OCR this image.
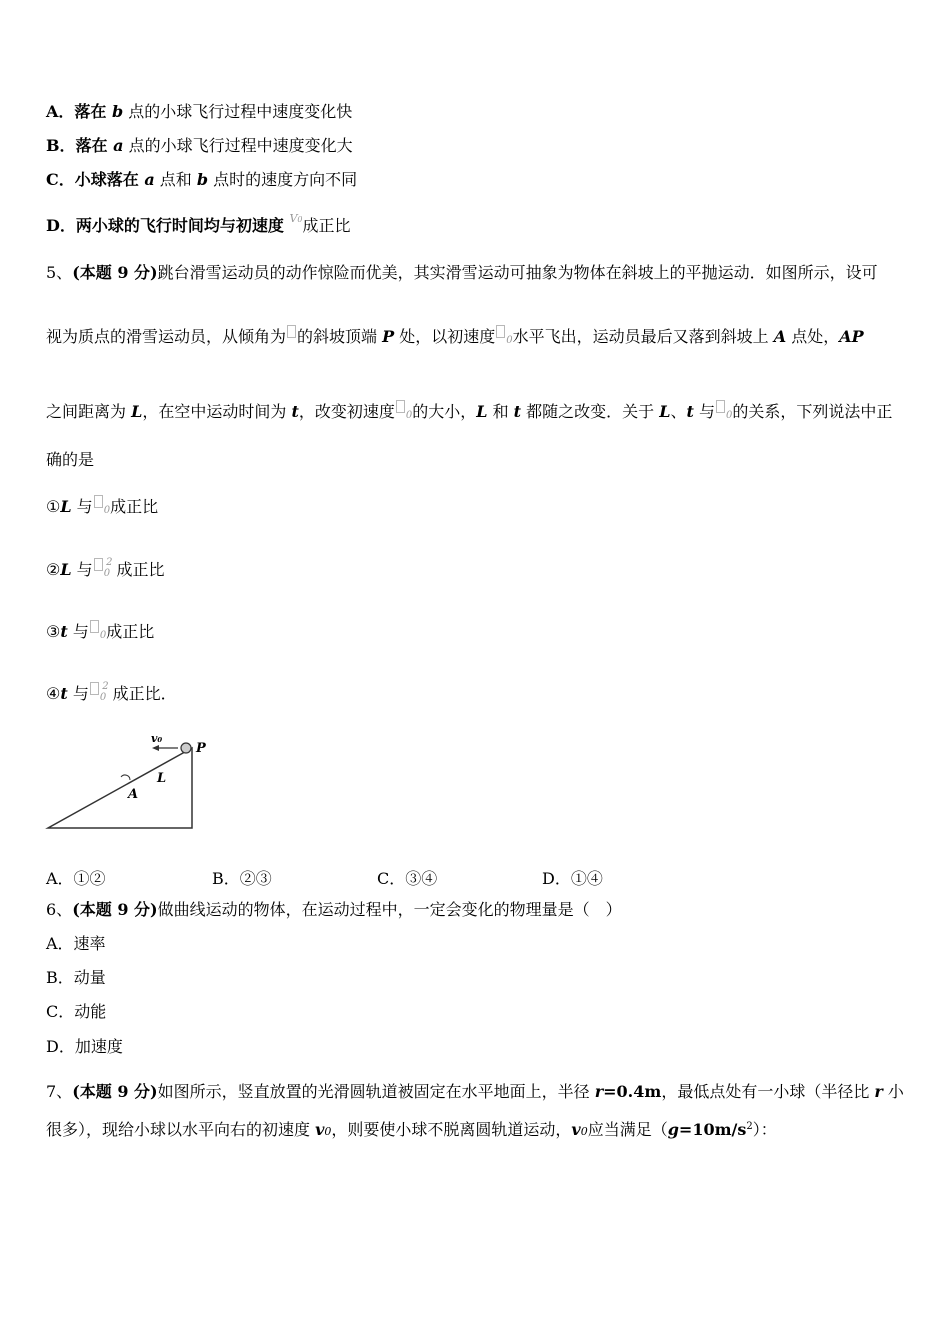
A．落在 b 点的小球飞行过程中速度变化快
B．落在 a 点的小球飞行过程中速度变化大
C．小球落在 a 点和 b 点时的速度方向不同
D．两小球的飞行时间均与初速度 $^{V0}$成正比
5、(本题 9 分)跳台滑雪运动员的动作惊险而优美，其实滑雪运动可抽象为物体在斜坡上的平抛运动．如图所示，设可
视为质点的滑雪运动员，从倾角为 的斜坡顶端 P 处，以初速度 0水平飞出，运动员最后又落到斜坡上 A 点处，AP
之间距离为 L，在空中运动时间为 t，改变初速度 0的大小，L 和 t 都随之改变．关于 L、t 与 0的关系，下列说法中正
确的是
①L 与 0成正比
②L 与 $0^2$ 成正比
③t 与 0成正比
④t 与 $0^2$ 成正比．
v₀
P
L
A
A．①②	B．②③	C．③④	D．①④
6、(本题 9 分)做曲线运动的物体，在运动过程中，一定会变化的物理量是（　）
A．速率
B．动量
C．动能
D．加速度
7、(本题 9 分)如图所示，竖直放置的光滑圆轨道被固定在水平地面上，半径 r=0.4m，最低点处有一小球（半径比 r 小
很多），现给小球以水平向右的初速度 v0，则要使小球不脱离圆轨道运动，v0应当满足$(g=10m/s^2)$：
